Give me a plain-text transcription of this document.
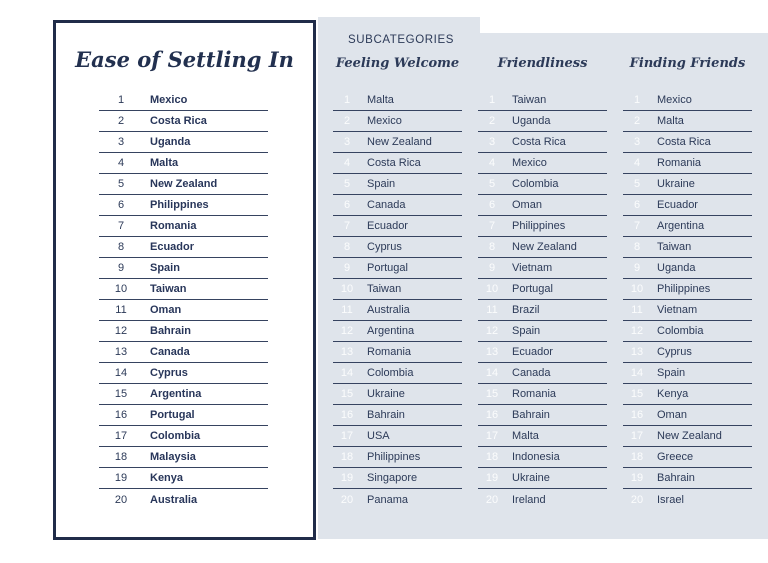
SUBCATEGORIES
Ease of Settling In
1	Mexico
2	Costa Rica
3	Uganda
4	Malta
5	New Zealand
6	Philippines
7	Romania
8	Ecuador
9	Spain
10	Taiwan
11	Oman
12	Bahrain
13	Canada
14	Cyprus
15	Argentina
16	Portugal
17	Colombia
18	Malaysia
19	Kenya
20	Australia
Feeling Welcome	Friendliness	Finding Friends
1	Malta
2	Mexico
3	New Zealand
4	Costa Rica
5	Spain
6	Canada
7	Ecuador
8	Cyprus
9	Portugal
10	Taiwan
11	Australia
12	Argentina
13	Romania
14	Colombia
15	Ukraine
16	Bahrain
17	USA
18	Philippines
19	Singapore
20	Panama
1	Taiwan
2	Uganda
3	Costa Rica
4	Mexico
5	Colombia
6	Oman
7	Philippines
8	New Zealand
9	Vietnam
10	Portugal
11	Brazil
12	Spain
13	Ecuador
14	Canada
15	Romania
16	Bahrain
17	Malta
18	Indonesia
19	Ukraine
20	Ireland
1	Mexico
2	Malta
3	Costa Rica
4	Romania
5	Ukraine
6	Ecuador
7	Argentina
8	Taiwan
9	Uganda
10	Philippines
11	Vietnam
12	Colombia
13	Cyprus
14	Spain
15	Kenya
16	Oman
17	New Zealand
18	Greece
19	Bahrain
20	Israel
